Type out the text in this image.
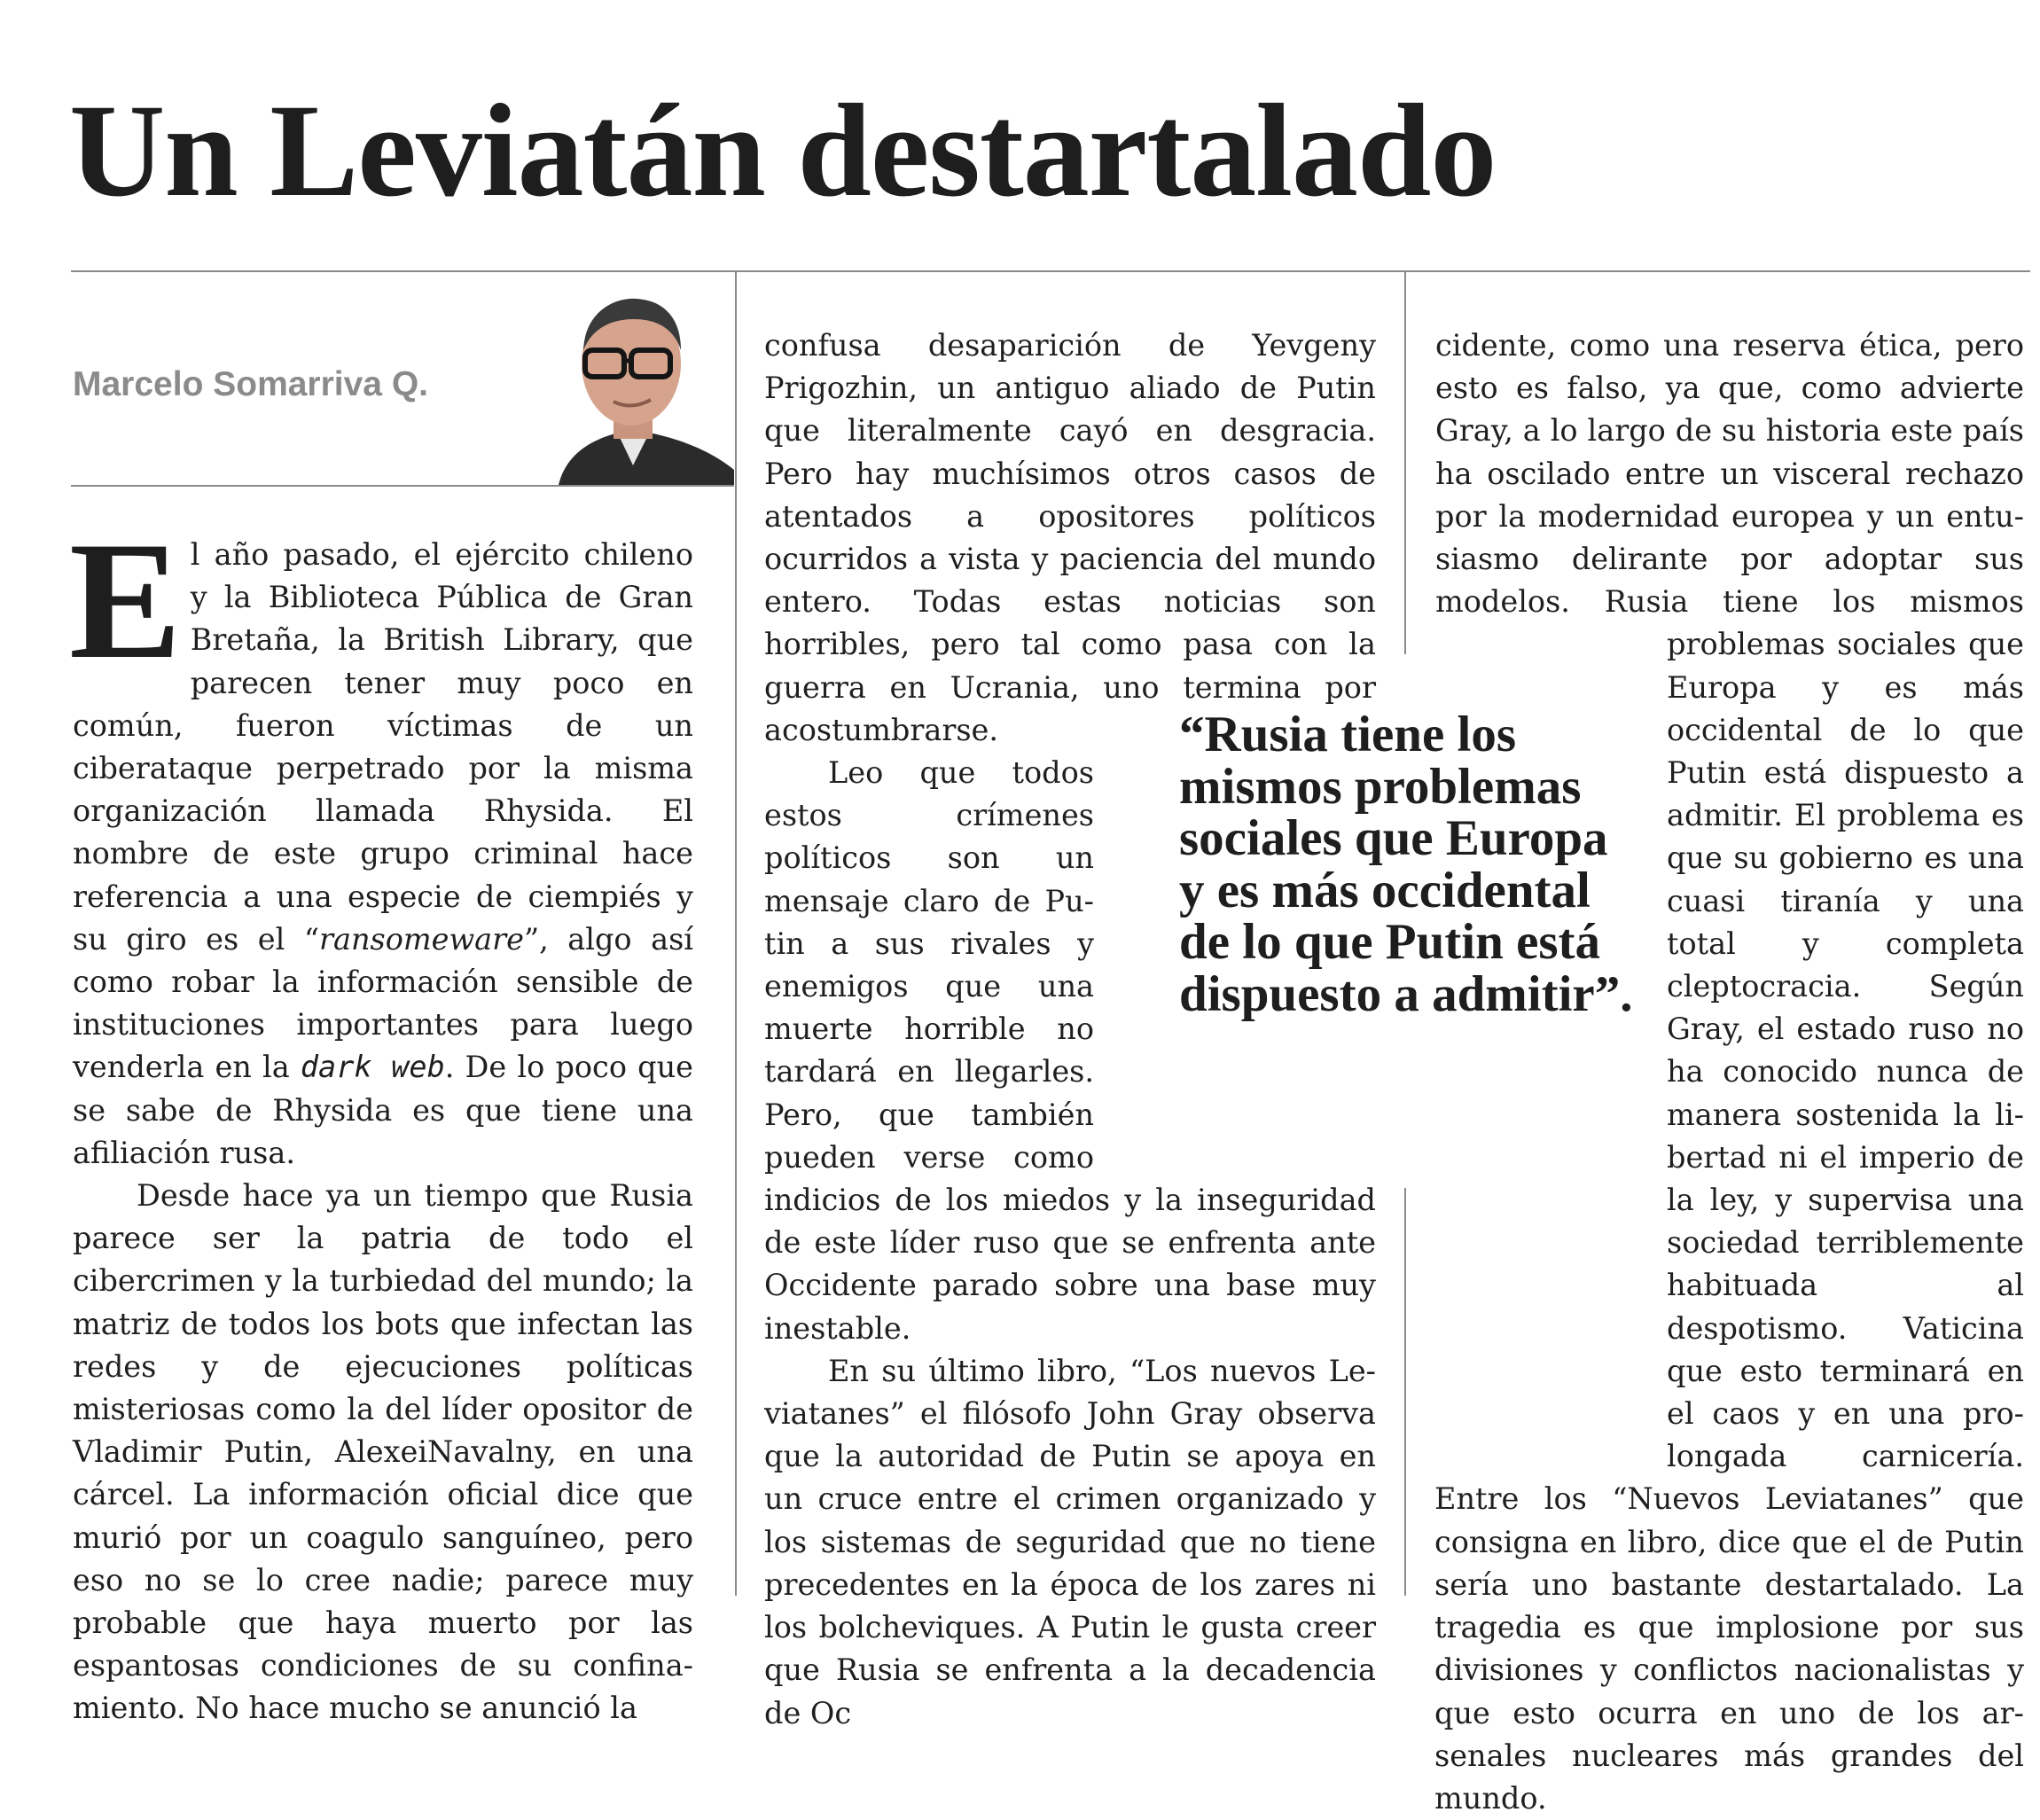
Un Leviatán destartalado
Marcelo Somarriva Q.

El año pasado, el ejército chileno y la Biblioteca Pública de Gran Bretaña, la British Library, que parecen tener muy poco en común, fueron víctimas de un ciberataque perpetrado por la misma organización llamada Rhysida. El nombre de este grupo criminal hace referencia a una especie de ciempiés y su giro es el “ransomeware”, algo así como robar la información sensible de instituciones importantes para luego venderla en la dark web. De lo poco que se sabe de Rhysida es que tiene una afiliación rusa.

Desde hace ya un tiempo que Rusia parece ser la patria de todo el cibercrimen y la turbiedad del mundo; la matriz de todos los bots que infectan las redes y de ejecuciones políticas misteriosas como la del líder opositor de Vladimir Putin, AlexeiNavalny, en una cárcel. La información oficial dice que murió por un coagulo sanguíneo, pero eso no se lo cree nadie; parece muy probable que haya muerto por las espantosas condiciones de su confinamiento. No hace mucho se anunció la

confusa desaparición de Yevgeny Prigozhin, un antiguo aliado de Putin que literalmente cayó en desgracia. Pero hay muchísimos otros casos de atentados a opositores políticos ocurridos a vista y paciencia del mundo entero. Todas estas noticias son horribles, pero tal como pasa con la guerra en Ucrania, uno termina por acostumbrarse.

Leo que todos estos crímenes políticos son un mensaje claro de Putin a sus rivales y enemigos que una muerte horrible no tardará en llegarles. Pero, que también pueden verse como indicios de los miedos y la inseguridad de este líder ruso que se enfrenta ante Occidente parado sobre una base muy inestable.

En su último libro, “Los nuevos Leviatanes” el filósofo John Gray observa que la autoridad de Putin se apoya en un cruce entre el crimen organizado y los sistemas de seguridad que no tiene precedentes en la época de los zares ni los bolcheviques. A Putin le gusta creer que Rusia se enfrenta a la decadencia de Oc

cidente, como una reserva ética, pero esto es falso, ya que, como advierte Gray, a lo largo de su historia este país ha oscilado entre un visceral rechazo por la modernidad europea y un entusiasmo delirante por adoptar sus modelos. Rusia tiene los mismos problemas sociales que Europa y es más occidental de lo que Putin está dispuesto a admitir. El problema es que su gobierno es una cuasi tiranía y una total y completa cleptocracia. Según Gray, el estado ruso no ha conocido nunca de manera sostenida la libertad ni el imperio de la ley, y supervisa una sociedad terriblemente habituada al despotismo. Vaticina que esto terminará en el caos y en una prolongada carnicería. Entre los “Nuevos Leviatanes” que consigna en libro, dice que el de Putin sería uno bastante destartalado. La tragedia es que implosione por sus divisiones y conflictos nacionalistas y que esto ocurra en uno de los arsenales nucleares más grandes del mundo.

“Rusia tiene los mismos problemas sociales que Europa y es más occidental de lo que Putin está dispuesto a admitir”.
